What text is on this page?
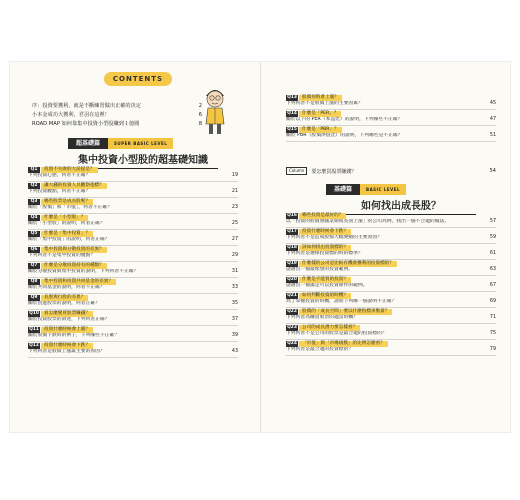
CONTENTS
序：投資要獲利，就是不斷練習做出正確的決定	2
小本金成功大獲利，君羽在這裡！	6
ROAD MAP 如何靠集中投資小型股賺到１億圓	8
超基礎篇	SUPER BASIC LEVEL
集中投資小型股的超基礎知識
Q1	投資不失敗的大前提是？
下列投資心態，何者不正確？	19
Q2	讓大錢的投資人具觀察指標？
下列投資觀點，何者不正確？	21
Q3	哪些股票是成長股呢？
關於「股價」和「市值」，何者不正確？	23
Q4	什麼是「小型股」？
關於「小型股」的說明，何者正確？	25
Q5	什麼是「集中投資」？
關於「集中投資」的說明，何者正確？	27
Q6	集中投資與分散投資的差異？
下列何者不是集中投資的優點？	29
Q7	什麼是分散投資持有的種類？
關於分散投資與集中投資的說明，下列何者不正確？	31
Q8	集中投資和投資共同基金的差異？
關於共同基金的說明，何者不正確？	33
Q9	長股與行股的差異？
關於買進股票的說明，何者正確？	35
Q10	看怎麼變買股票賺錢？
關於投資股票的敘述，下列何者正確？	37
Q11	投資什麼時候會上漲？
關於股價下跌時的例子，下列哪些不正確？	39
Q12	投資什麼時候會下跌？
下列何者是股價上漲最主要的原因？	43
Q13	股價何時會上漲？
下列何者不是股價上漲的主要因素？	45
Q14	什麼是「PER」？
關於以下的 PER（本益比）的說明，下列哪些不正確？	47
Q15	什麼是「PBR」？
關於 PBR（股價淨值比）的說明，下列哪些是不正確？	51
Column	要怎麼買股票賺錢？	54
基礎篇	BASIC LEVEL
如何找出成長股？
Q16	哪些投資是最好的？
以「投資的股價會隨業績成長而上漲」的公司為例，找出一個不合適的做法。	57
Q17	投資什麼時候會下跌？
下列何者不是造成股價大幅變動的主要原因？	59
Q18	該如何找出投資標的？
下列何者是選擇投資標的時的標準？	61
Q19	什麼樣的公司是比較有機會獲利的投資標的？
請選出一個最理想的投資範例。	63
Q20	什麼是不能買的投資？
請選出一個滿足可以投資條件的範例。	67
Q21	如何判斷投資的時機？
為了掌握投資的時機，請問下列哪一個說明不正確？	69
Q22	股價的「成長空間」要以什麼指標來衡量？
下列何者為購買股票的適當時機？	71
Q23	公司的成長潛力要怎樣看？
下列何者不是公司的股票是最合適的投資標的？	75
Q24	「市值」與「市場規模」的比例怎麼看？
下列何者是最合適的投資標的？	79
